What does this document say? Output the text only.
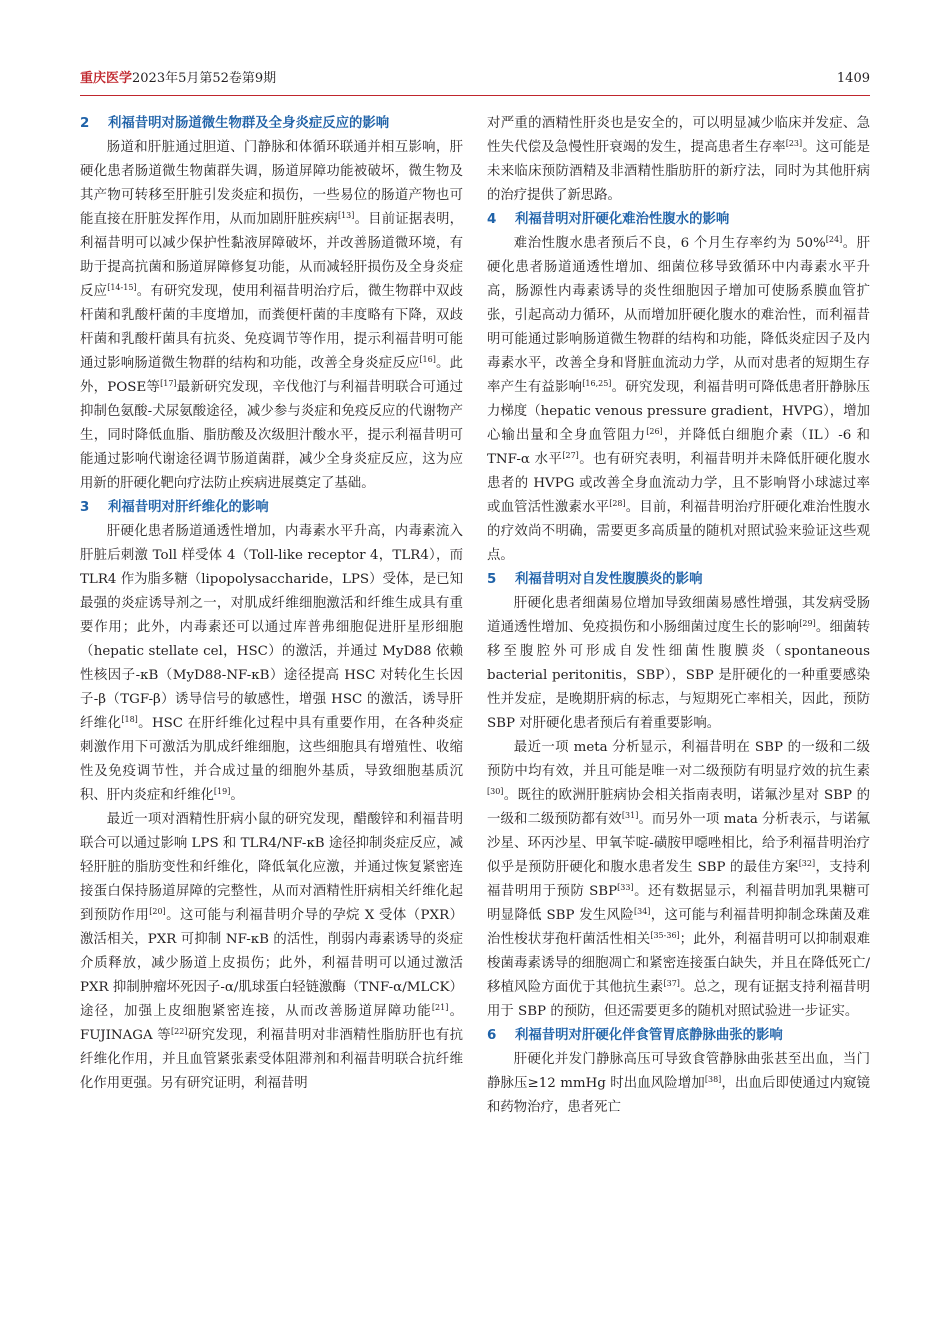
重庆医学2023年5月第52卷第9期	1409
2 利福昔明对肠道微生物群及全身炎症反应的影响

肠道和肝脏通过胆道、门静脉和体循环联通并相互影响，肝硬化患者肠道微生物菌群失调，肠道屏障功能被破坏，微生物及其产物可转移至肝脏引发炎症和损伤，一些易位的肠道产物也可能直接在肝脏发挥作用，从而加剧肝脏疾病[13]。目前证据表明，利福昔明可以减少保护性黏液屏障破坏，并改善肠道微环境，有助于提高抗菌和肠道屏障修复功能，从而减轻肝损伤及全身炎症反应[14-15]。有研究发现，使用利福昔明治疗后，微生物群中双歧杆菌和乳酸杆菌的丰度增加，而粪便杆菌的丰度略有下降，双歧杆菌和乳酸杆菌具有抗炎、免疫调节等作用，提示利福昔明可能通过影响肠道微生物群的结构和功能，改善全身炎症反应[16]。此外，POSE等[17]最新研究发现，辛伐他汀与利福昔明联合可通过抑制色氨酸-犬尿氨酸途径，减少参与炎症和免疫反应的代谢物产生，同时降低血脂、脂肪酸及次级胆汁酸水平，提示利福昔明可能通过影响代谢途径调节肠道菌群，减少全身炎症反应，这为应用新的肝硬化靶向疗法防止疾病进展奠定了基础。

3 利福昔明对肝纤维化的影响

肝硬化患者肠道通透性增加，内毒素水平升高，内毒素流入肝脏后刺激 Toll 样受体 4（Toll-like receptor 4，TLR4），而 TLR4 作为脂多糖（lipopolysaccharide，LPS）受体，是已知最强的炎症诱导剂之一，对肌成纤维细胞激活和纤维生成具有重要作用；此外，内毒素还可以通过库普弗细胞促进肝星形细胞（hepatic stellate cel，HSC）的激活，并通过 MyD88 依赖性核因子-κB（MyD88-NF-κB）途径提高 HSC 对转化生长因子-β（TGF-β）诱导信号的敏感性，增强 HSC 的激活，诱导肝纤维化[18]。HSC 在肝纤维化过程中具有重要作用，在各种炎症刺激作用下可激活为肌成纤维细胞，这些细胞具有增殖性、收缩性及免疫调节性，并合成过量的细胞外基质，导致细胞基质沉积、肝内炎症和纤维化[19]。

最近一项对酒精性肝病小鼠的研究发现，醋酸锌和利福昔明联合可以通过影响 LPS 和 TLR4/NF-κB 途径抑制炎症反应，减轻肝脏的脂肪变性和纤维化，降低氧化应激，并通过恢复紧密连接蛋白保持肠道屏障的完整性，从而对酒精性肝病相关纤维化起到预防作用[20]。这可能与利福昔明介导的孕烷 X 受体（PXR）激活相关，PXR 可抑制 NF-κB 的活性，削弱内毒素诱导的炎症介质释放，减少肠道上皮损伤；此外，利福昔明可以通过激活 PXR 抑制肿瘤坏死因子-α/肌球蛋白轻链激酶（TNF-α/MLCK）途径，加强上皮细胞紧密连接，从而改善肠道屏障功能[21]。FUJINAGA 等[22]研究发现，利福昔明对非酒精性脂肪肝也有抗纤维化作用，并且血管紧张素受体阻滞剂和利福昔明联合抗纤维化作用更强。另有研究证明，利福昔明

对严重的酒精性肝炎也是安全的，可以明显减少临床并发症、急性失代偿及急慢性肝衰竭的发生，提高患者生存率[23]。这可能是未来临床预防酒精及非酒精性脂肪肝的新疗法，同时为其他肝病的治疗提供了新思路。

4 利福昔明对肝硬化难治性腹水的影响

难治性腹水患者预后不良，6 个月生存率约为 50%[24]。肝硬化患者肠道通透性增加、细菌位移导致循环中内毒素水平升高，肠源性内毒素诱导的炎性细胞因子增加可使肠系膜血管扩张，引起高动力循环，从而增加肝硬化腹水的难治性，而利福昔明可能通过影响肠道微生物群的结构和功能，降低炎症因子及内毒素水平，改善全身和肾脏血流动力学，从而对患者的短期生存率产生有益影响[16,25]。研究发现，利福昔明可降低患者肝静脉压力梯度（hepatic venous pressure gradient，HVPG），增加心输出量和全身血管阻力[26]，并降低白细胞介素（IL）-6 和 TNF-α 水平[27]。也有研究表明，利福昔明并未降低肝硬化腹水患者的 HVPG 或改善全身血流动力学，且不影响肾小球滤过率或血管活性激素水平[28]。目前，利福昔明治疗肝硬化难治性腹水的疗效尚不明确，需要更多高质量的随机对照试验来验证这些观点。

5 利福昔明对自发性腹膜炎的影响

肝硬化患者细菌易位增加导致细菌易感性增强，其发病受肠道通透性增加、免疫损伤和小肠细菌过度生长的影响[29]。细菌转移至腹腔外可形成自发性细菌性腹膜炎（spontaneous bacterial peritonitis，SBP），SBP 是肝硬化的一种重要感染性并发症，是晚期肝病的标志，与短期死亡率相关，因此，预防 SBP 对肝硬化患者预后有着重要影响。

最近一项 meta 分析显示，利福昔明在 SBP 的一级和二级预防中均有效，并且可能是唯一对二级预防有明显疗效的抗生素[30]。既往的欧洲肝脏病协会相关指南表明，诺氟沙星对 SBP 的一级和二级预防都有效[31]。而另外一项 mata 分析表示，与诺氟沙星、环丙沙星、甲氧苄啶-磺胺甲噁唑相比，给予利福昔明治疗似乎是预防肝硬化和腹水患者发生 SBP 的最佳方案[32]，支持利福昔明用于预防 SBP[33]。还有数据显示，利福昔明加乳果糖可明显降低 SBP 发生风险[34]，这可能与利福昔明抑制念珠菌及难治性梭状芽孢杆菌活性相关[35-36]；此外，利福昔明可以抑制艰难梭菌毒素诱导的细胞凋亡和紧密连接蛋白缺失，并且在降低死亡/移植风险方面优于其他抗生素[37]。总之，现有证据支持利福昔明用于 SBP 的预防，但还需要更多的随机对照试验进一步证实。

6 利福昔明对肝硬化伴食管胃底静脉曲张的影响

肝硬化并发门静脉高压可导致食管静脉曲张甚至出血，当门静脉压≥12 mmHg 时出血风险增加[38]，出血后即使通过内窥镜和药物治疗，患者死亡
